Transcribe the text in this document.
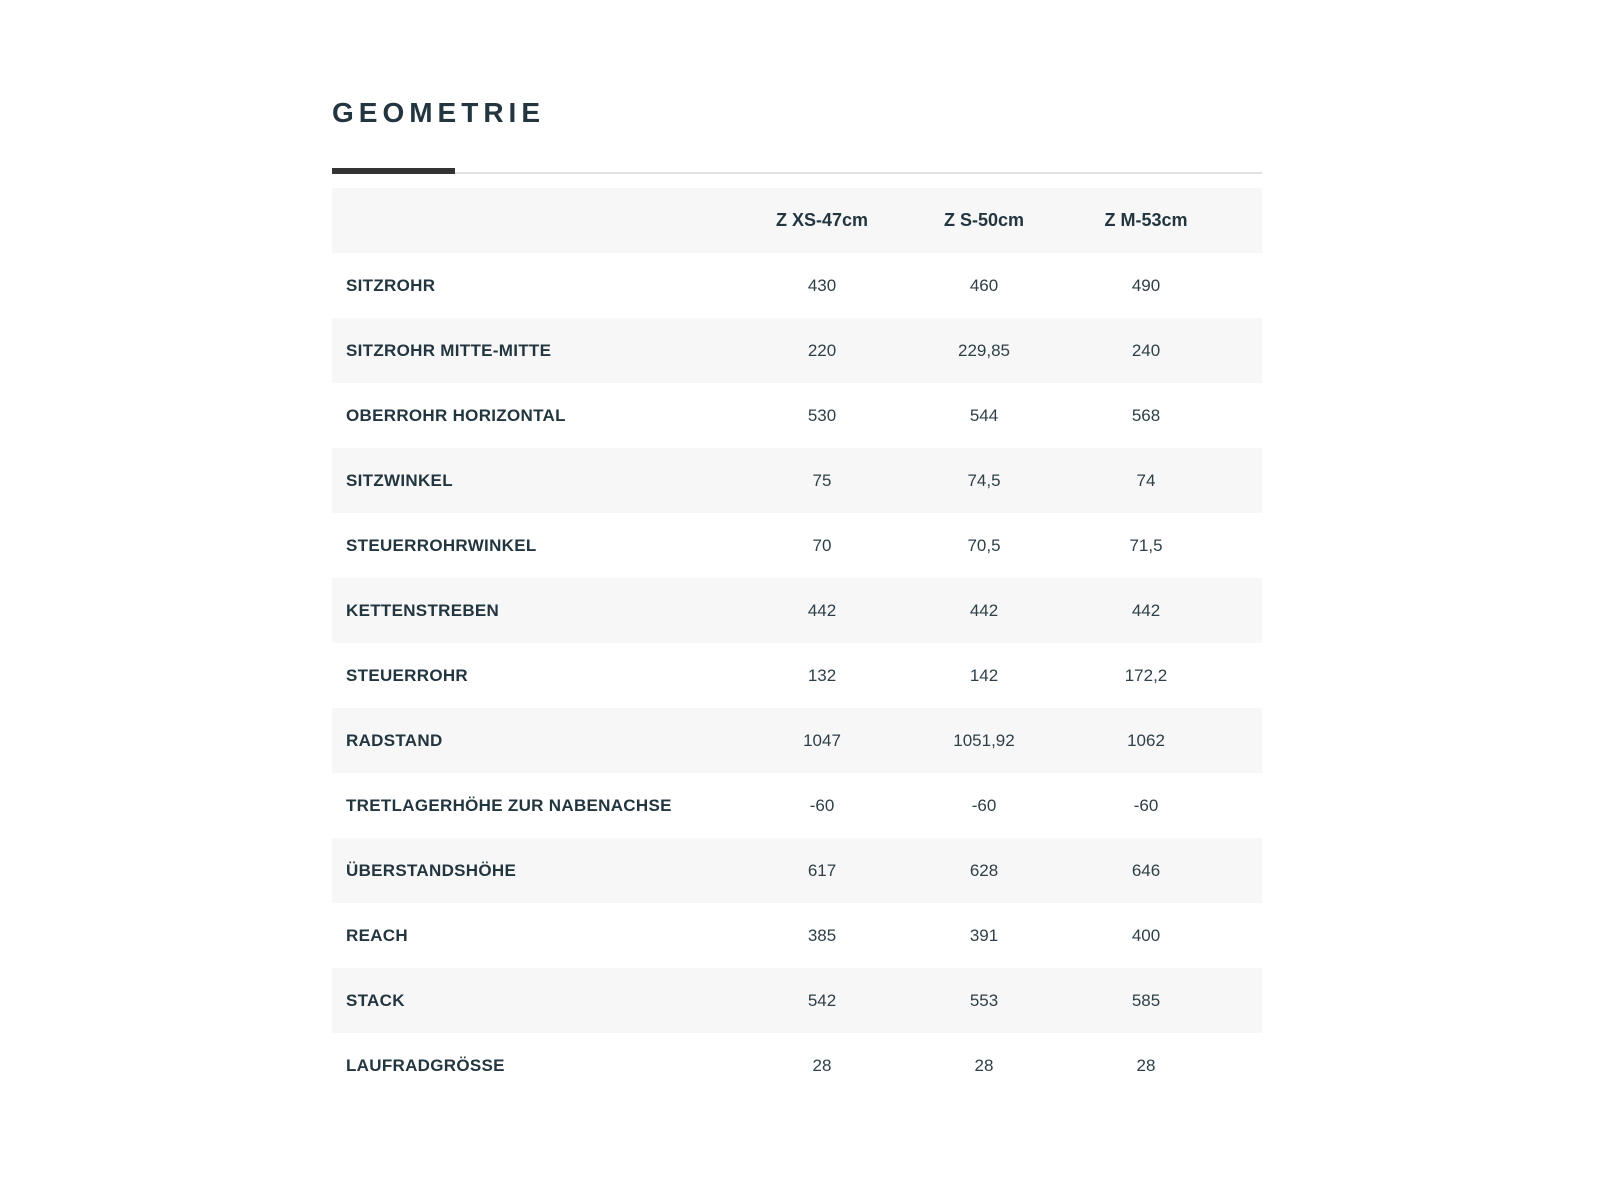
GEOMETRIE
	Z XS-47cm	Z S-50cm	Z M-53cm	
SITZROHR	430	460	490	
SITZROHR MITTE-MITTE	220	229,85	240	
OBERROHR HORIZONTAL	530	544	568	
SITZWINKEL	75	74,5	74	
STEUERROHRWINKEL	70	70,5	71,5	
KETTENSTREBEN	442	442	442	
STEUERROHR	132	142	172,2	
RADSTAND	1047	1051,92	1062	
TRETLAGERHÖHE ZUR NABENACHSE	-60	-60	-60	
ÜBERSTANDSHÖHE	617	628	646	
REACH	385	391	400	
STACK	542	553	585	
LAUFRADGRÖSSE	28	28	28	
